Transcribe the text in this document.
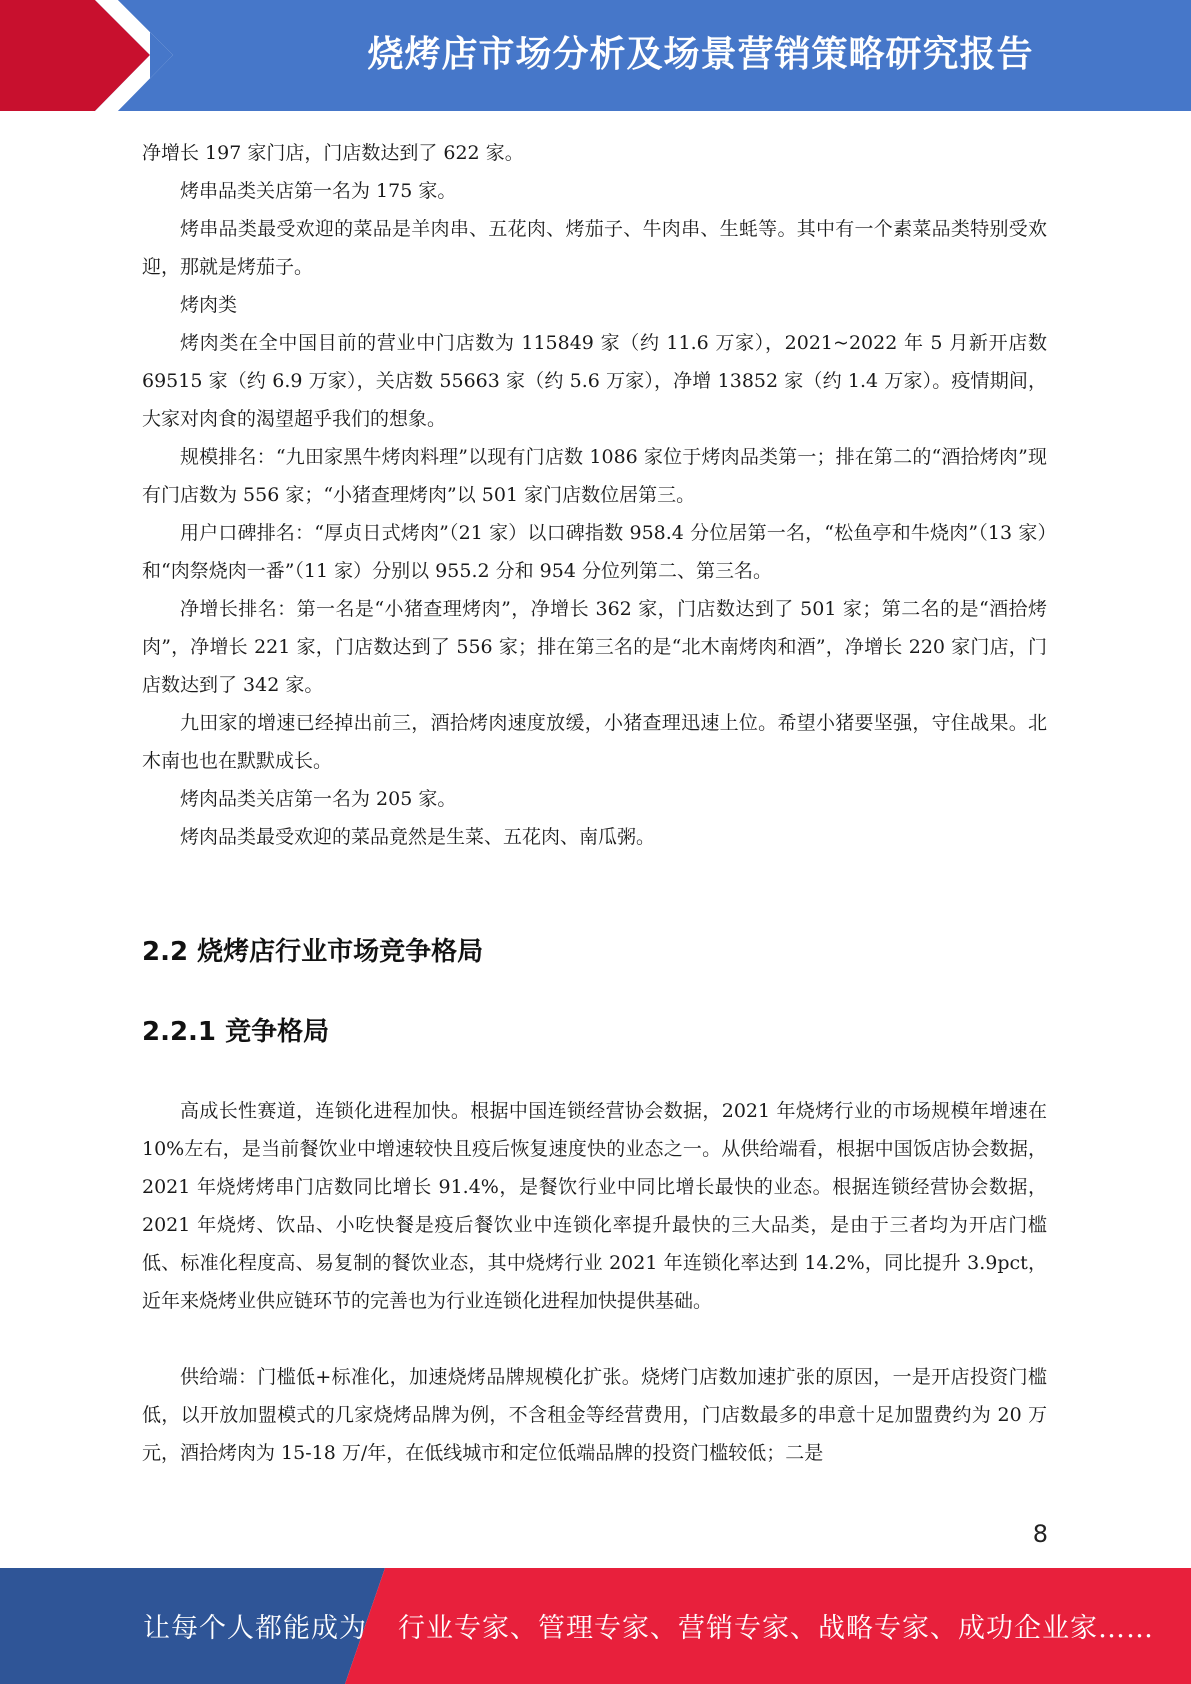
烧烤店市场分析及场景营销策略研究报告

净增长 197 家门店，门店数达到了 622 家。

烤串品类关店第一名为 175 家。

烤串品类最受欢迎的菜品是羊肉串、五花肉、烤茄子、牛肉串、生蚝等。其中有一个素菜品类特别受欢迎，那就是烤茄子。

烤肉类

烤肉类在全中国目前的营业中门店数为 115849 家（约 11.6 万家），2021~2022 年 5 月新开店数 69515 家（约 6.9 万家），关店数 55663 家（约 5.6 万家），净增 13852 家（约 1.4 万家）。疫情期间，大家对肉食的渴望超乎我们的想象。

规模排名：“九田家黑牛烤肉料理”以现有门店数 1086 家位于烤肉品类第一；排在第二的“酒拾烤肉”现有门店数为 556 家；“小猪查理烤肉”以 501 家门店数位居第三。

用户口碑排名：“厚贞日式烤肉”（21 家）以口碑指数 958.4 分位居第一名，“松鱼亭和牛烧肉”（13 家）和“肉祭烧肉一番”（11 家）分别以 955.2 分和 954 分位列第二、第三名。

净增长排名：第一名是“小猪查理烤肉”，净增长 362 家，门店数达到了 501 家；第二名的是“酒拾烤肉”，净增长 221 家，门店数达到了 556 家；排在第三名的是“北木南烤肉和酒”，净增长 220 家门店，门店数达到了 342 家。

九田家的增速已经掉出前三，酒拾烤肉速度放缓，小猪查理迅速上位。希望小猪要坚强，守住战果。北木南也也在默默成长。

烤肉品类关店第一名为 205 家。

烤肉品类最受欢迎的菜品竟然是生菜、五花肉、南瓜粥。

2.2 烧烤店行业市场竞争格局
2.2.1 竞争格局

高成长性赛道，连锁化进程加快。根据中国连锁经营协会数据，2021 年烧烤行业的市场规模年增速在 10%左右，是当前餐饮业中增速较快且疫后恢复速度快的业态之一。从供给端看，根据中国饭店协会数据，2021 年烧烤烤串门店数同比增长 91.4%，是餐饮行业中同比增长最快的业态。根据连锁经营协会数据，2021 年烧烤、饮品、小吃快餐是疫后餐饮业中连锁化率提升最快的三大品类，是由于三者均为开店门槛低、标准化程度高、易复制的餐饮业态，其中烧烤行业 2021 年连锁化率达到 14.2%，同比提升 3.9pct，近年来烧烤业供应链环节的完善也为行业连锁化进程加快提供基础。

供给端：门槛低+标准化，加速烧烤品牌规模化扩张。烧烤门店数加速扩张的原因，一是开店投资门槛低，以开放加盟模式的几家烧烤品牌为例，不含租金等经营费用，门店数最多的串意十足加盟费约为 20 万元，酒拾烤肉为 15-18 万/年，在低线城市和定位低端品牌的投资门槛较低；二是

8
让每个人都能成为 行业专家、管理专家、营销专家、战略专家、成功企业家……
